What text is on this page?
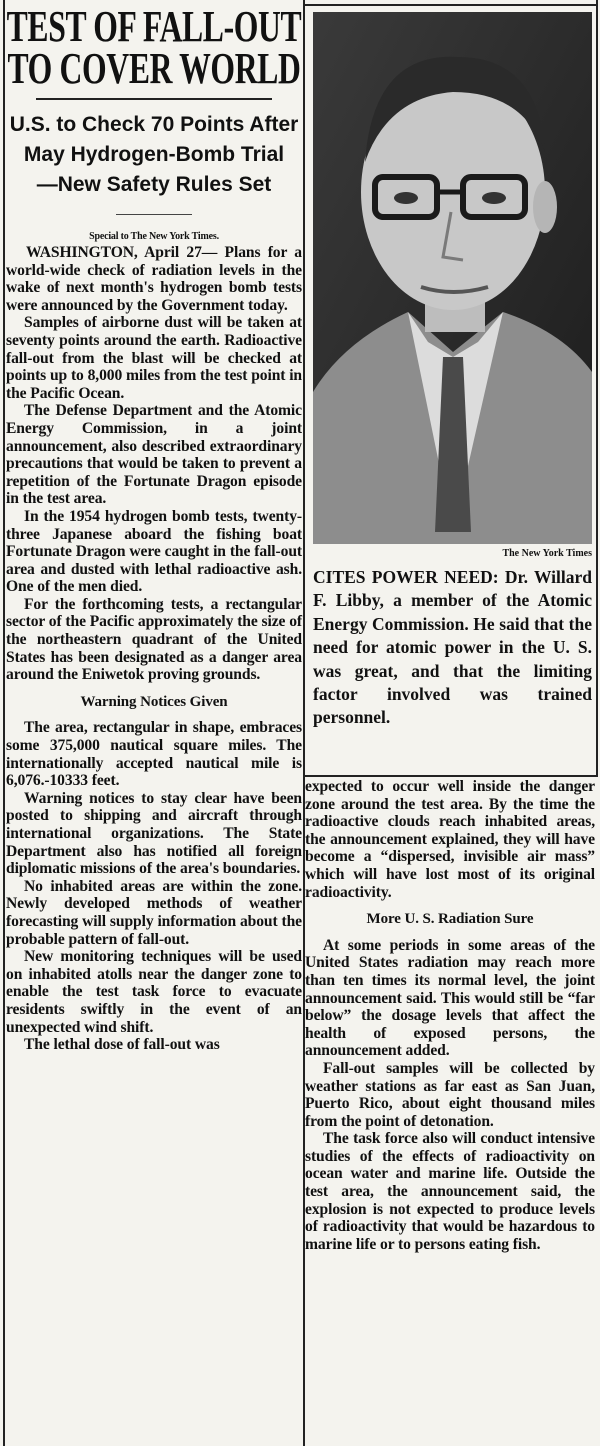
TEST OF FALL-OUT
TO COVER WORLD
U.S. to Check 70 Points After
May Hydrogen-Bomb Trial
—New Safety Rules Set
Special to The New York Times.

WASHINGTON, April 27— Plans for a world-wide check of radiation levels in the wake of next month's hydrogen bomb tests were announced by the Government today.

Samples of airborne dust will be taken at seventy points around the earth. Radioactive fall-out from the blast will be checked at points up to 8,000 miles from the test point in the Pacific Ocean.

The Defense Department and the Atomic Energy Commission, in a joint announcement, also described extraordinary precautions that would be taken to prevent a repetition of the Fortunate Dragon episode in the test area.

In the 1954 hydrogen bomb tests, twenty-three Japanese aboard the fishing boat Fortunate Dragon were caught in the fall-out area and dusted with lethal radioactive ash. One of the men died.

For the forthcoming tests, a rectangular sector of the Pacific approximately the size of the northeastern quadrant of the United States has been designated as a danger area around the Eniwetok proving grounds.

Warning Notices Given

The area, rectangular in shape, embraces some 375,000 nautical square miles. The internationally accepted nautical mile is 6,076.-10333 feet.

Warning notices to stay clear have been posted to shipping and aircraft through international organizations. The State Department also has notified all foreign diplomatic missions of the area's boundaries.

No inhabited areas are within the zone. Newly developed methods of weather forecasting will supply information about the probable pattern of fall-out.

New monitoring techniques will be used on inhabited atolls near the danger zone to enable the test task force to evacuate residents swiftly in the event of an unexpected wind shift.

The lethal dose of fall-out was

The New York Times
CITES POWER NEED: Dr. Willard F. Libby, a member of the Atomic Energy Commission. He said that the need for atomic power in the U. S. was great, and that the limiting factor involved was trained personnel.

expected to occur well inside the danger zone around the test area. By the time the radioactive clouds reach inhabited areas, the announcement explained, they will have become a “dispersed, invisible air mass” which will have lost most of its original radioactivity.

More U. S. Radiation Sure

At some periods in some areas of the United States radiation may reach more than ten times its normal level, the joint announcement said. This would still be “far below” the dosage levels that affect the health of exposed persons, the announcement added.

Fall-out samples will be collected by weather stations as far east as San Juan, Puerto Rico, about eight thousand miles from the point of detonation.

The task force also will conduct intensive studies of the effects of radioactivity on ocean water and marine life. Outside the test area, the announcement said, the explosion is not expected to produce levels of radioactivity that would be hazardous to marine life or to persons eating fish.
